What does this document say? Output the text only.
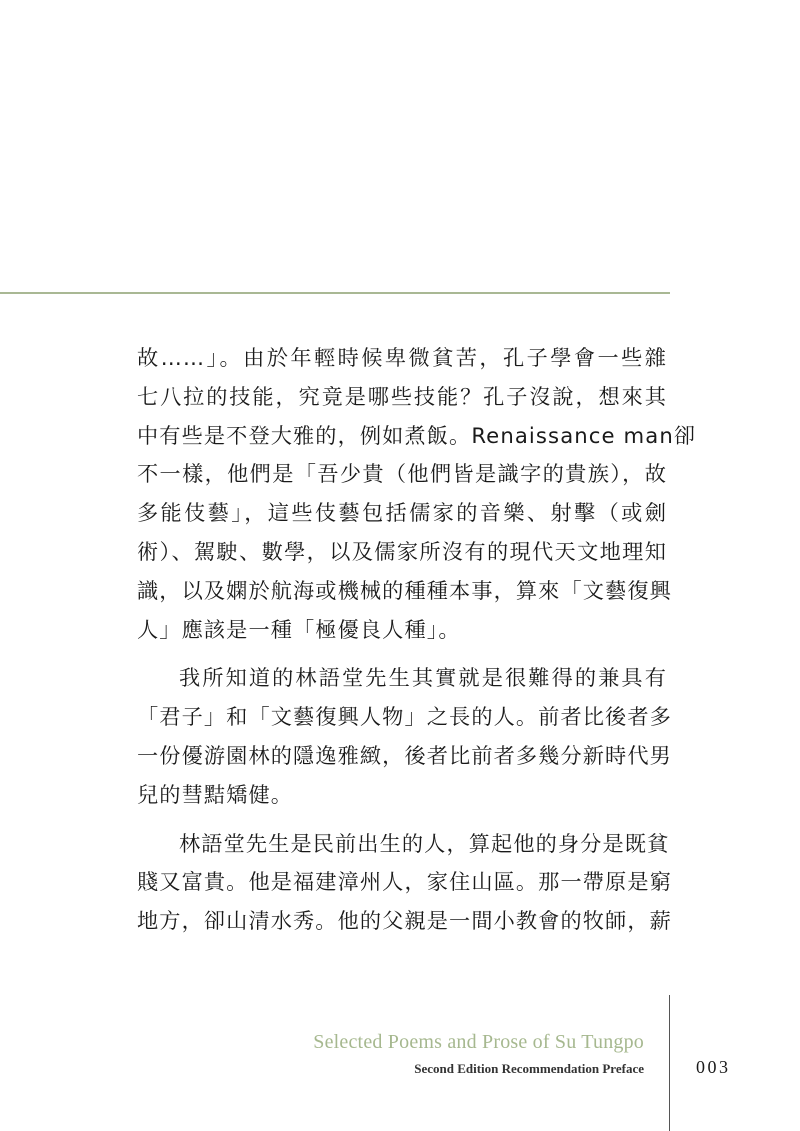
故……」。由於年輕時候卑微貧苦，孔子學會一些雜
七八拉的技能，究竟是哪些技能？孔子沒說，想來其
中有些是不登大雅的，例如煮飯。Renaissance man卻
不一樣，他們是「吾少貴（他們皆是識字的貴族），故
多能伎藝」，這些伎藝包括儒家的音樂、射擊（或劍
術）、駕駛、數學，以及儒家所沒有的現代天文地理知
識，以及嫻於航海或機械的種種本事，算來「文藝復興
人」應該是一種「極優良人種」。

我所知道的林語堂先生其實就是很難得的兼具有
「君子」和「文藝復興人物」之長的人。前者比後者多
一份優游園林的隱逸雅緻，後者比前者多幾分新時代男
兒的彗黠矯健。

林語堂先生是民前出生的人，算起他的身分是既貧
賤又富貴。他是福建漳州人，家住山區。那一帶原是窮
地方，卻山清水秀。他的父親是一間小教會的牧師，薪

Selected Poems and Prose of Su Tungpo
Second Edition Recommendation Preface	003
